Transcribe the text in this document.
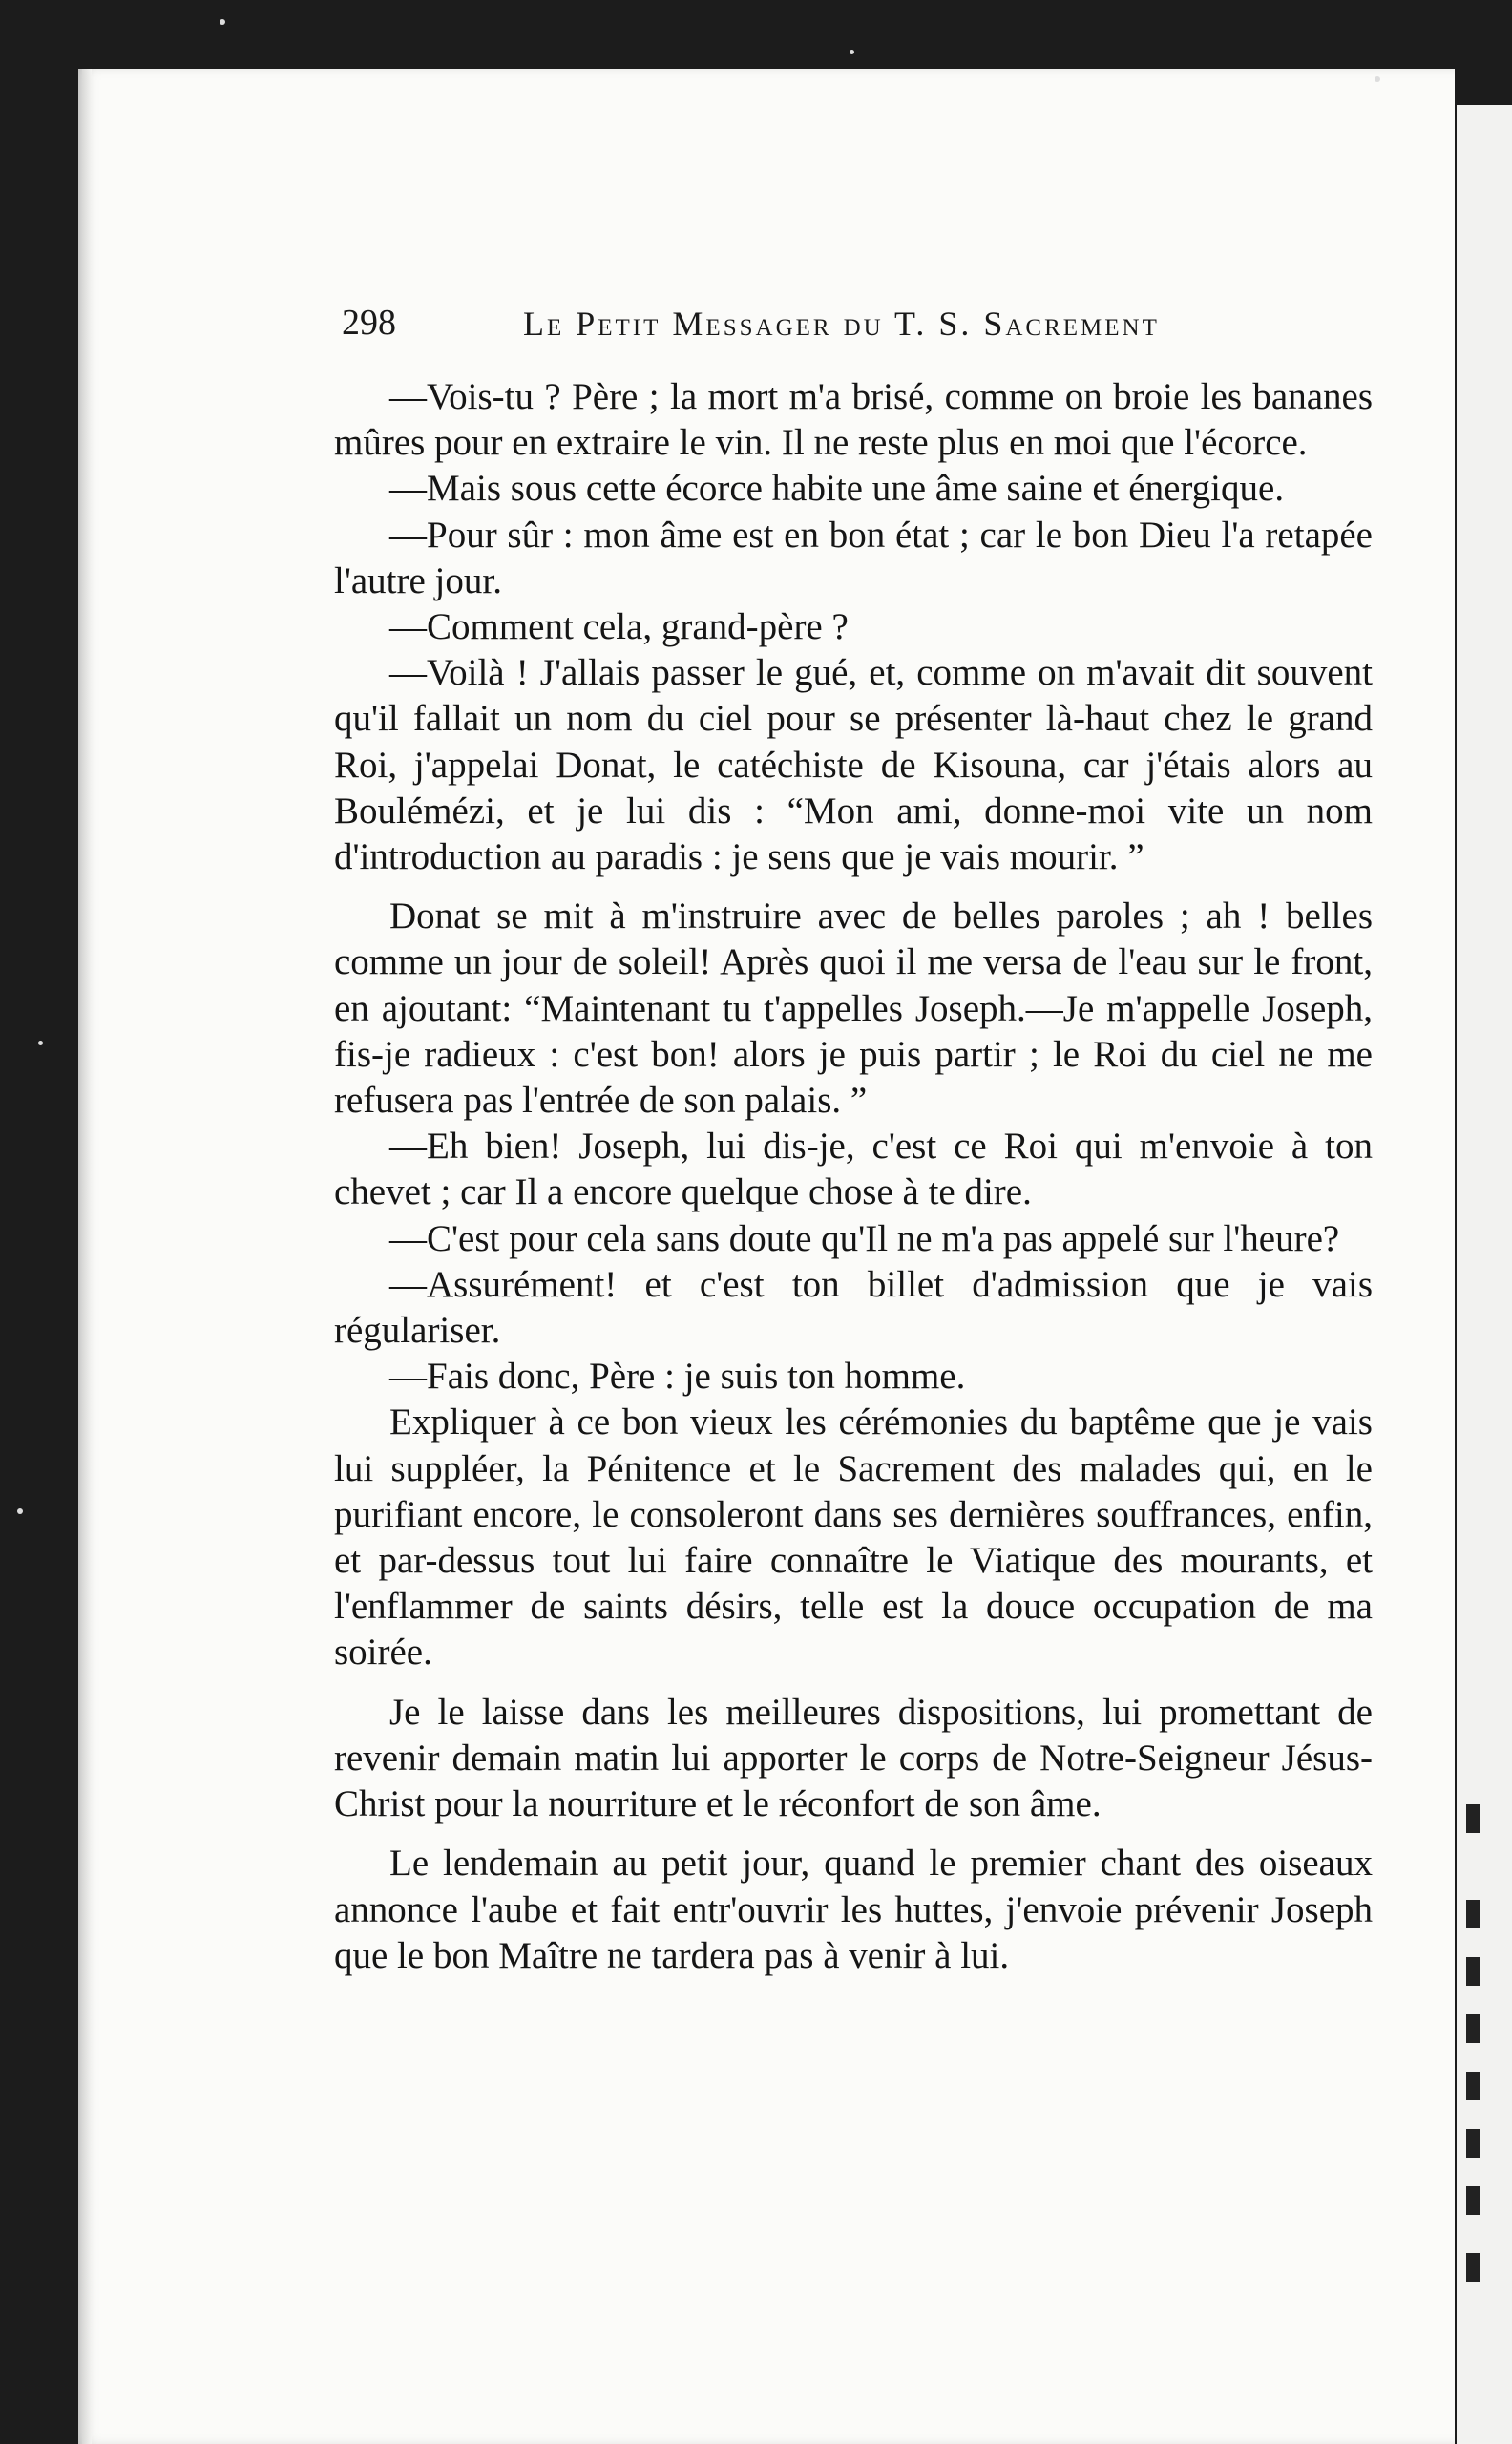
298	Le Petit Messager du T. S. Sacrement

—Vois-tu ? Père ; la mort m'a brisé, comme on broie les bananes mûres pour en extraire le vin. Il ne reste plus en moi que l'écorce.

—Mais sous cette écorce habite une âme saine et énergique.

—Pour sûr : mon âme est en bon état ; car le bon Dieu l'a retapée l'autre jour.

—Comment cela, grand-père ?

—Voilà ! J'allais passer le gué, et, comme on m'avait dit souvent qu'il fallait un nom du ciel pour se présenter là-haut chez le grand Roi, j'appelai Donat, le catéchiste de Kisouna, car j'étais alors au Boulémézi, et je lui dis : “Mon ami, donne-moi vite un nom d'introduction au paradis : je sens que je vais mourir. ”

Donat se mit à m'instruire avec de belles paroles ; ah ! belles comme un jour de soleil! Après quoi il me versa de l'eau sur le front, en ajoutant: “Maintenant tu t'appelles Joseph.—Je m'appelle Joseph, fis-je radieux : c'est bon! alors je puis partir ; le Roi du ciel ne me refusera pas l'entrée de son palais. ”

—Eh bien! Joseph, lui dis-je, c'est ce Roi qui m'envoie à ton chevet ; car Il a encore quelque chose à te dire.

—C'est pour cela sans doute qu'Il ne m'a pas appelé sur l'heure?

—Assurément! et c'est ton billet d'admission que je vais régulariser.

—Fais donc, Père : je suis ton homme.

Expliquer à ce bon vieux les cérémonies du baptême que je vais lui suppléer, la Pénitence et le Sacrement des malades qui, en le purifiant encore, le consoleront dans ses dernières souffrances, enfin, et par-dessus tout lui faire connaître le Viatique des mourants, et l'enflammer de saints désirs, telle est la douce occupation de ma soirée.

Je le laisse dans les meilleures dispositions, lui promettant de revenir demain matin lui apporter le corps de Notre-Seigneur Jésus-Christ pour la nourriture et le réconfort de son âme.

Le lendemain au petit jour, quand le premier chant des oiseaux annonce l'aube et fait entr'ouvrir les huttes, j'envoie prévenir Joseph que le bon Maître ne tardera pas à venir à lui.
